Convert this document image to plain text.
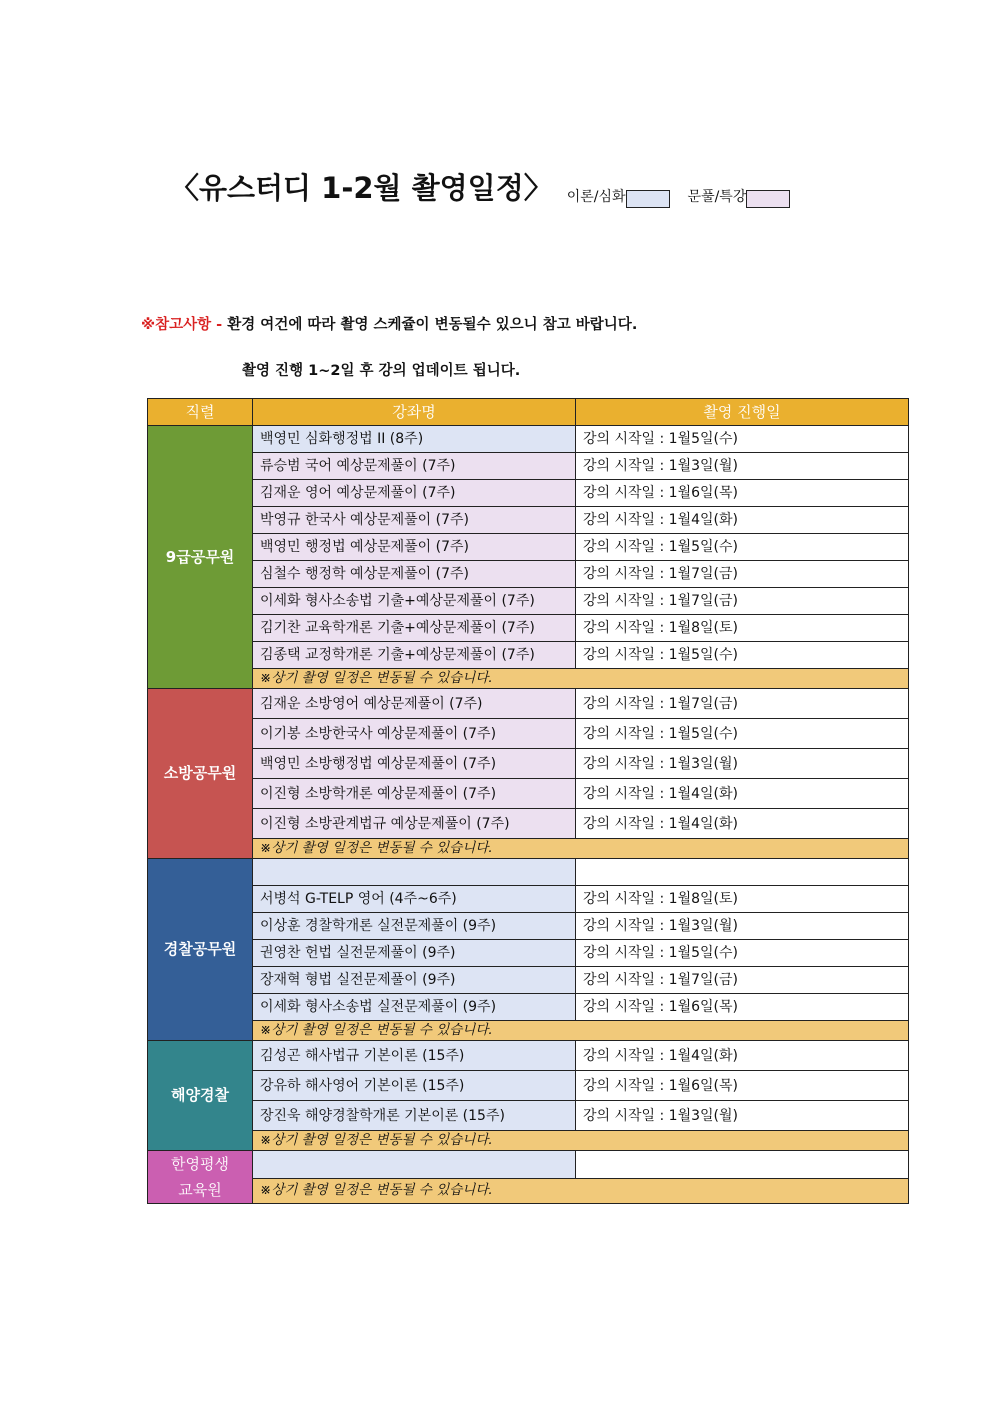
〈유스터디 1-2월 촬영일정〉 이론/심화	문풀/특강
※참고사항 - 환경 여건에 따라 촬영 스케쥴이 변동될수 있으니 참고 바랍니다.
촬영 진행 1~2일 후 강의 업데이트 됩니다.
직렬	강좌명	촬영 진행일
9급공무원	백영민 심화행정법 II (8주)	강의 시작일 : 1월5일(수)
	류승범 국어 예상문제풀이 (7주)	강의 시작일 : 1월3일(월)
	김재운 영어 예상문제풀이 (7주)	강의 시작일 : 1월6일(목)
	박영규 한국사 예상문제풀이 (7주)	강의 시작일 : 1월4일(화)
	백영민 행정법 예상문제풀이 (7주)	강의 시작일 : 1월5일(수)
	심철수 행정학 예상문제풀이 (7주)	강의 시작일 : 1월7일(금)
	이세화 형사소송법 기출+예상문제풀이 (7주)	강의 시작일 : 1월7일(금)
	김기찬 교육학개론 기출+예상문제풀이 (7주)	강의 시작일 : 1월8일(토)
	김종택 교정학개론 기출+예상문제풀이 (7주)	강의 시작일 : 1월5일(수)
	※상기 촬영 일정은 변동될 수 있습니다.	
소방공무원	김재운 소방영어 예상문제풀이 (7주)	강의 시작일 : 1월7일(금)
	이기봉 소방한국사 예상문제풀이 (7주)	강의 시작일 : 1월5일(수)
	백영민 소방행정법 예상문제풀이 (7주)	강의 시작일 : 1월3일(월)
	이진형 소방학개론 예상문제풀이 (7주)	강의 시작일 : 1월4일(화)
	이진형 소방관계법규 예상문제풀이 (7주)	강의 시작일 : 1월4일(화)
	※상기 촬영 일정은 변동될 수 있습니다.	
경찰공무원		
	서병석 G-TELP 영어 (4주~6주)	강의 시작일 : 1월8일(토)
	이상훈 경찰학개론 실전문제풀이 (9주)	강의 시작일 : 1월3일(월)
	권영찬 헌법 실전문제풀이 (9주)	강의 시작일 : 1월5일(수)
	장재혁 형법 실전문제풀이 (9주)	강의 시작일 : 1월7일(금)
	이세화 형사소송법 실전문제풀이 (9주)	강의 시작일 : 1월6일(목)
	※상기 촬영 일정은 변동될 수 있습니다.	
해양경찰	김성곤 해사법규 기본이론 (15주)	강의 시작일 : 1월4일(화)
	강유하 해사영어 기본이론 (15주)	강의 시작일 : 1월6일(목)
	장진욱 해양경찰학개론 기본이론 (15주)	강의 시작일 : 1월3일(월)
	※상기 촬영 일정은 변동될 수 있습니다.	
한영평생
교육원		
	※상기 촬영 일정은 변동될 수 있습니다.	
